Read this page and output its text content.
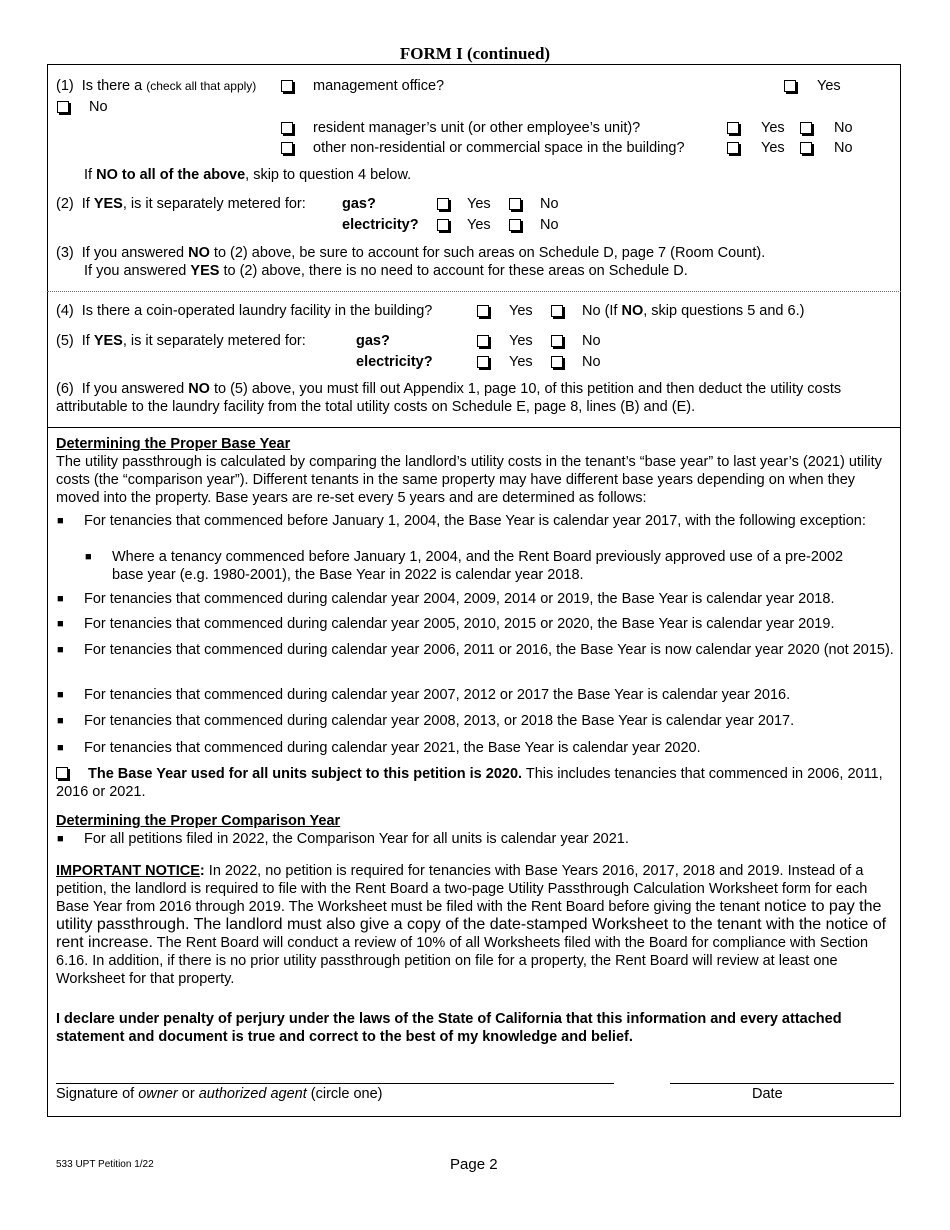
FORM I (continued)
(1) Is there a (check all that apply)	management office?	Yes
No
resident manager’s unit (or other employee’s unit)?	Yes	No
other non-residential or commercial space in the building?	Yes	No
If NO to all of the above, skip to question 4 below.
(2) If YES, is it separately metered for: gas?	Yes	No
electricity?	Yes	No
(3) If you answered NO to (2) above, be sure to account for such areas on Schedule D, page 7 (Room Count).
If you answered YES to (2) above, there is no need to account for these areas on Schedule D.
(4) Is there a coin-operated laundry facility in the building?	Yes	No (If NO, skip questions 5 and 6.)
(5) If YES, is it separately metered for:	gas?	Yes	No
electricity?	Yes	No
(6) If you answered NO to (5) above, you must fill out Appendix 1, page 10, of this petition and then deduct the utility costs attributable to the laundry facility from the total utility costs on Schedule E, page 8, lines (B) and (E).
Determining the Proper Base Year
The utility passthrough is calculated by comparing the landlord’s utility costs in the tenant’s “base year” to last year’s (2021) utility costs (the “comparison year”). Different tenants in the same property may have different base years depending on when they moved into the property. Base years are re-set every 5 years and are determined as follows:
■ For tenancies that commenced before January 1, 2004, the Base Year is calendar year 2017, with the following exception:
■ Where a tenancy commenced before January 1, 2004, and the Rent Board previously approved use of a pre-2002 base year (e.g. 1980-2001), the Base Year in 2022 is calendar year 2018.
■ For tenancies that commenced during calendar year 2004, 2009, 2014 or 2019, the Base Year is calendar year 2018.
■ For tenancies that commenced during calendar year 2005, 2010, 2015 or 2020, the Base Year is calendar year 2019.
■ For tenancies that commenced during calendar year 2006, 2011 or 2016, the Base Year is now calendar year 2020 (not 2015).
■ For tenancies that commenced during calendar year 2007, 2012 or 2017 the Base Year is calendar year 2016.
■ For tenancies that commenced during calendar year 2008, 2013, or 2018 the Base Year is calendar year 2017.
■ For tenancies that commenced during calendar year 2021, the Base Year is calendar year 2020.
The Base Year used for all units subject to this petition is 2020. This includes tenancies that commenced in 2006, 2011, 2016 or 2021.
Determining the Proper Comparison Year
■ For all petitions filed in 2022, the Comparison Year for all units is calendar year 2021.
IMPORTANT NOTICE: In 2022, no petition is required for tenancies with Base Years 2016, 2017, 2018 and 2019. Instead of a petition, the landlord is required to file with the Rent Board a two-page Utility Passthrough Calculation Worksheet form for each Base Year from 2016 through 2019. The Worksheet must be filed with the Rent Board before giving the tenant notice to pay the utility passthrough. The landlord must also give a copy of the date-stamped Worksheet to the tenant with the notice of rent increase. The Rent Board will conduct a review of 10% of all Worksheets filed with the Board for compliance with Section 6.16. In addition, if there is no prior utility passthrough petition on file for a property, the Rent Board will review at least one Worksheet for that property.
I declare under penalty of perjury under the laws of the State of California that this information and every attached statement and document is true and correct to the best of my knowledge and belief.
Signature of owner or authorized agent (circle one)	Date
533 UPT Petition 1/22	Page 2
